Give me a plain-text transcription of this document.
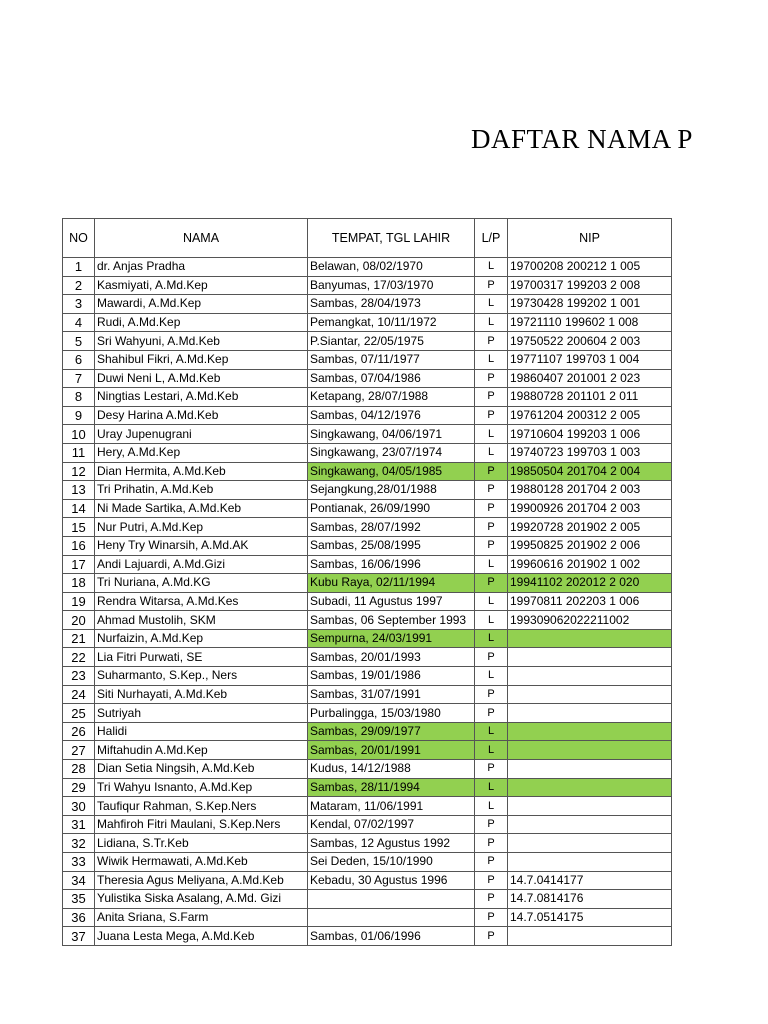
DAFTAR NAMA P
NO	NAMA	TEMPAT, TGL LAHIR	L/P	NIP
1	dr. Anjas Pradha	Belawan, 08/02/1970	L	19700208 200212 1 005
2	Kasmiyati, A.Md.Kep	Banyumas, 17/03/1970	P	19700317 199203 2 008
3	Mawardi, A.Md.Kep	Sambas, 28/04/1973	L	19730428 199202 1 001
4	Rudi, A.Md.Kep	Pemangkat, 10/11/1972	L	19721110 199602 1 008
5	Sri Wahyuni, A.Md.Keb	P.Siantar, 22/05/1975	P	19750522 200604 2 003
6	Shahibul Fikri, A.Md.Kep	Sambas, 07/11/1977	L	19771107 199703 1 004
7	Duwi Neni L, A.Md.Keb	Sambas, 07/04/1986	P	19860407 201001 2 023
8	Ningtias Lestari, A.Md.Keb	Ketapang, 28/07/1988	P	19880728 201101 2 011
9	Desy Harina A.Md.Keb	Sambas, 04/12/1976	P	19761204 200312 2 005
10	Uray Jupenugrani	Singkawang, 04/06/1971	L	19710604 199203 1 006
11	Hery, A.Md.Kep	Singkawang, 23/07/1974	L	19740723 199703 1 003
12	Dian Hermita, A.Md.Keb	Singkawang, 04/05/1985	P	19850504 201704 2 004
13	Tri Prihatin, A.Md.Keb	Sejangkung,28/01/1988	P	19880128 201704 2 003
14	Ni Made Sartika, A.Md.Keb	Pontianak, 26/09/1990	P	19900926 201704 2 003
15	Nur Putri, A.Md.Kep	Sambas, 28/07/1992	P	19920728 201902 2 005
16	Heny Try Winarsih, A.Md.AK	Sambas, 25/08/1995	P	19950825 201902 2 006
17	Andi Lajuardi, A.Md.Gizi	Sambas, 16/06/1996	L	19960616 201902 1 002
18	Tri Nuriana, A.Md.KG	Kubu Raya, 02/11/1994	P	19941102 202012 2 020
19	Rendra Witarsa, A.Md.Kes	Subadi, 11 Agustus 1997	L	19970811 202203 1 006
20	Ahmad Mustolih, SKM	Sambas, 06 September 1993	L	199309062022211002
21	Nurfaizin, A.Md.Kep	Sempurna, 24/03/1991	L	
22	Lia Fitri Purwati, SE	Sambas, 20/01/1993	P	
23	Suharmanto, S.Kep., Ners	Sambas, 19/01/1986	L	
24	Siti Nurhayati, A.Md.Keb	Sambas, 31/07/1991	P	
25	Sutriyah	Purbalingga, 15/03/1980	P	
26	Halidi	Sambas, 29/09/1977	L	
27	Miftahudin A.Md.Kep	Sambas, 20/01/1991	L	
28	Dian Setia Ningsih, A.Md.Keb	Kudus, 14/12/1988	P	
29	Tri Wahyu Isnanto, A.Md.Kep	Sambas, 28/11/1994	L	
30	Taufiqur Rahman, S.Kep.Ners	Mataram, 11/06/1991	L	
31	Mahfiroh Fitri Maulani, S.Kep.Ners	Kendal, 07/02/1997	P	
32	Lidiana, S.Tr.Keb	Sambas, 12 Agustus 1992	P	
33	Wiwik Hermawati, A.Md.Keb	Sei Deden, 15/10/1990	P	
34	Theresia Agus Meliyana, A.Md.Keb	Kebadu, 30 Agustus 1996	P	14.7.0414177
35	Yulistika Siska Asalang, A.Md. Gizi		P	14.7.0814176
36	Anita Sriana, S.Farm		P	14.7.0514175
37	Juana Lesta Mega, A.Md.Keb	Sambas, 01/06/1996	P	
